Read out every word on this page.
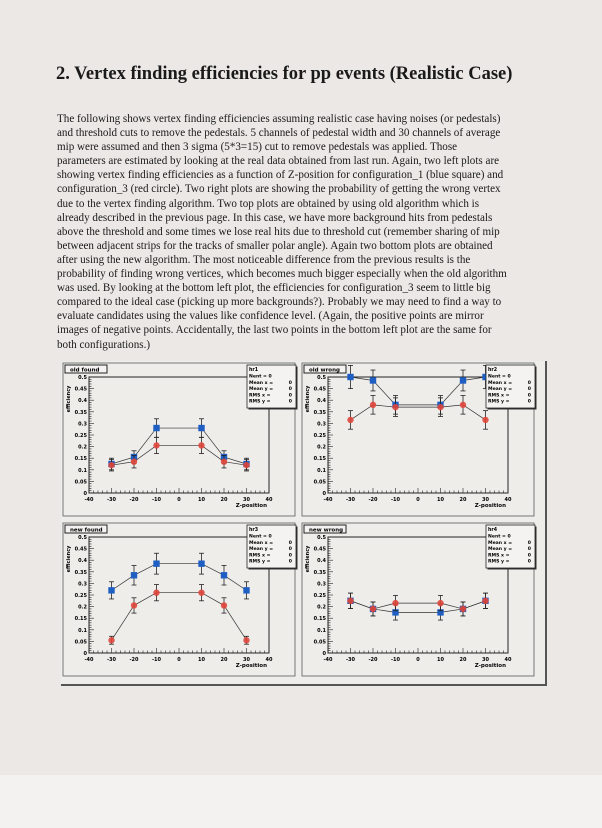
2. Vertex finding efficiencies for pp events (Realistic Case)

The following shows vertex finding efficiencies assuming realistic case having noises (or pedestals)

and threshold cuts to remove the pedestals. 5 channels of pedestal width and 30 channels of average

mip were assumed and then 3 sigma (5*3=15) cut to remove pedestals was applied. Those

parameters are estimated by looking at the real data obtained from last run. Again, two left plots are

showing vertex finding efficiencies as a function of Z-position for configuration_1 (blue square) and

configuration_3 (red circle). Two right plots are showing the probability of getting the wrong vertex

due to the vertex finding algorithm. Two top plots are obtained by using old algorithm which is

already described in the previous page. In this case, we have more background hits from pedestals

above the threshold and some times we lose real hits due to threshold cut (remember sharing of mip

between adjacent strips for the tracks of smaller polar angle). Again two bottom plots are obtained

after using the new algorithm. The most noticeable difference from the previous results is the

probability of finding wrong vertices, which becomes much bigger especially when the old algorithm

was used. By looking at the bottom left plot, the efficiencies for configuration_3 seem to little big

compared to the ideal case (picking up more backgrounds?). Probably we may need to find a way to

evaluate candidates using the values like confidence level. (Again, the positive points are mirror

images of negative points. Accidentally, the last two points in the bottom left plot are the same for

both configurations.)

old found
0
0.05
0.1
0.15
0.2
0.25
0.3
0.35
0.4
0.45
0.5
-40	-30	-20	-10	0	10	20	30	40
Z-position
efficiency
hr1
Nent = 0
Mean x =	0
Mean y =	0
RMS x =	0
RMS y =	0
old wrong
0
0.05
0.1
0.15
0.2
0.25
0.3
0.35
0.4
0.45
0.5
-40	-30	-20	-10	0	10	20	30	40
Z-position
efficiency
hr2
Nent = 0
Mean x =	0
Mean y =	0
RMS x =	0
RMS y =	0
new found
0
0.05
0.1
0.15
0.2
0.25
0.3
0.35
0.4
0.45
0.5
-40	-30	-20	-10	0	10	20	30	40
Z-position
efficiency
hr3
Nent = 0
Mean x =	0
Mean y =	0
RMS x =	0
RMS y =	0
new wrong
0
0.05
0.1
0.15
0.2
0.25
0.3
0.35
0.4
0.45
0.5
-40	-30	-20	-10	0	10	20	30	40
Z-position
efficiency
hr4
Nent = 0
Mean x =	0
Mean y =	0
RMS x =	0
RMS y =	0
